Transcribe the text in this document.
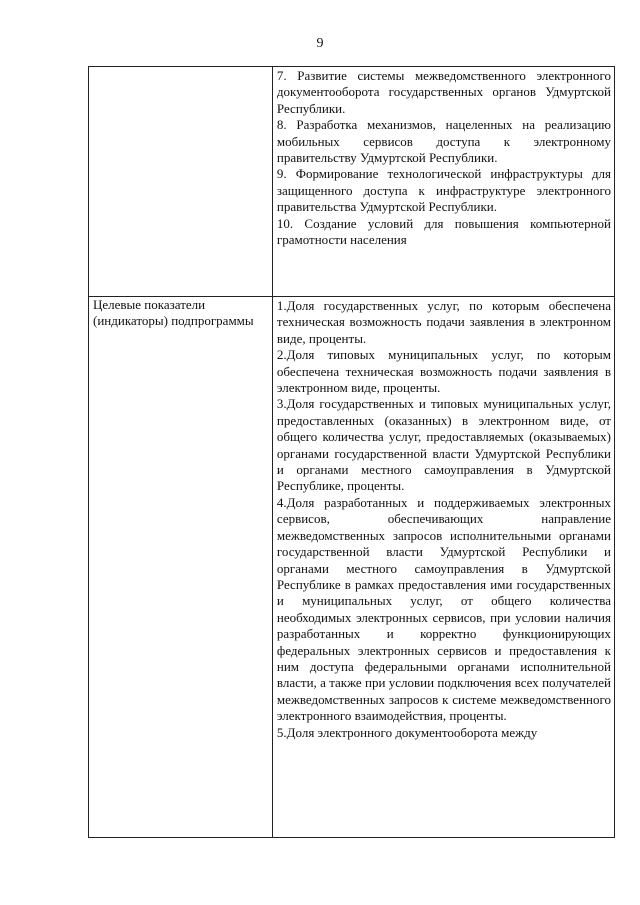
9

	7. Развитие системы межведомственного электронного документооборота государственных органов Удмуртской Республики.
8. Разработка механизмов, нацеленных на реализацию мобильных сервисов доступа к электронному правительству Удмуртской Республики.
9. Формирование технологической инфраструктуры для защищенного доступа к инфраструктуре электронного правительства Удмуртской Республики.
10. Создание условий для повышения компьютерной грамотности населения

Целевые показатели (индикаторы) подпрограммы	1.Доля государственных услуг, по которым обеспечена техническая возможность подачи заявления в электронном виде, проценты.
2.Доля типовых муниципальных услуг, по которым обеспечена техническая возможность подачи заявления в электронном виде, проценты.
3.Доля государственных и типовых муниципальных услуг, предоставленных (оказанных) в электронном виде, от общего количества услуг, предоставляемых (оказываемых) органами государственной власти Удмуртской Республики и органами местного самоуправления в Удмуртской Республике, проценты.
4.Доля разработанных и поддерживаемых электронных сервисов, обеспечивающих направление межведомственных запросов исполнительными органами государственной власти Удмуртской Республики и органами местного самоуправления в Удмуртской Республике в рамках предоставления ими государственных и муниципальных услуг, от общего количества необходимых электронных сервисов, при условии наличия разработанных и корректно функционирующих федеральных электронных сервисов и предоставления к ним доступа федеральными органами исполнительной власти, а также при условии подключения всех получателей межведомственных запросов к системе межведомственного электронного взаимодействия, проценты.
5.Доля электронного документооборота между
